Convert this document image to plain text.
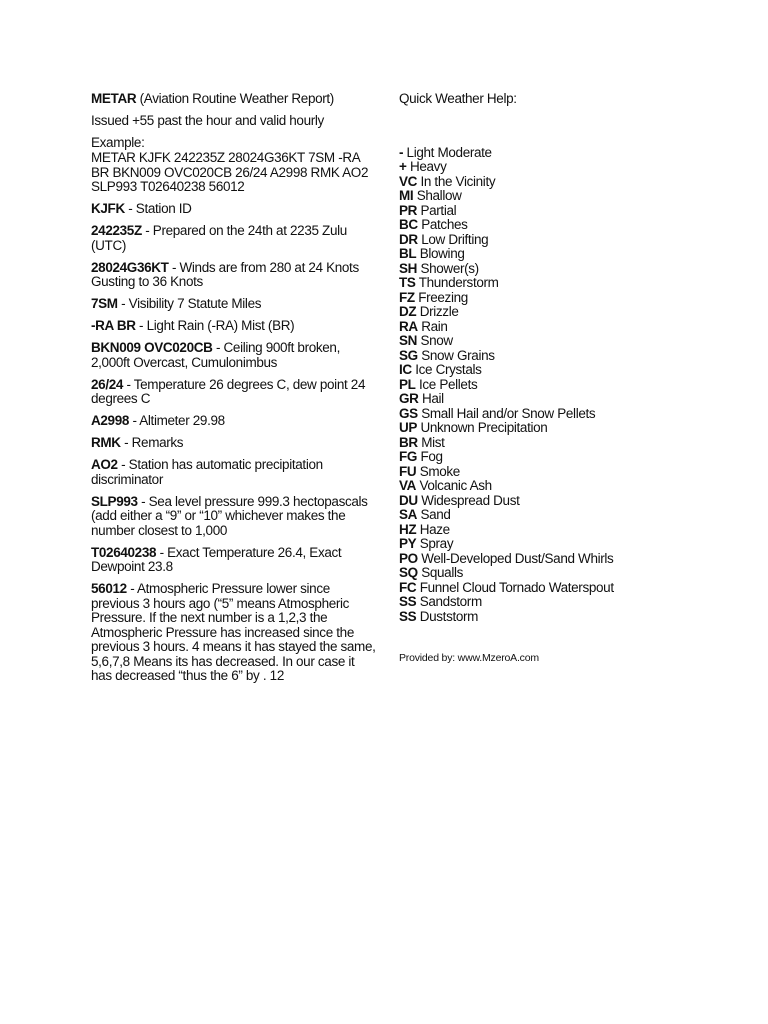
METAR (Aviation Routine Weather Report)
Issued +55 past the hour and valid hourly
Example:
METAR KJFK 242235Z 28024G36KT 7SM -RA BR BKN009 OVC020CB 26/24 A2998 RMK AO2 SLP993 T02640238 56012
KJFK - Station ID
242235Z - Prepared on the 24th at 2235 Zulu (UTC)
28024G36KT - Winds are from 280 at 24 Knots Gusting to 36 Knots
7SM - Visibility 7 Statute Miles
-RA BR - Light Rain (-RA) Mist (BR)
BKN009 OVC020CB - Ceiling 900ft broken, 2,000ft Overcast, Cumulonimbus
26/24 - Temperature 26 degrees C, dew point 24 degrees C
A2998 - Altimeter 29.98
RMK - Remarks
AO2 - Station has automatic precipitation discriminator
SLP993 - Sea level pressure 999.3 hectopascals (add either a “9” or “10” whichever makes the number closest to 1,000
T02640238 - Exact Temperature 26.4, Exact Dewpoint 23.8
56012 - Atmospheric Pressure lower since previous 3 hours ago (“5” means Atmospheric Pressure. If the next number is a 1,2,3 the Atmospheric Pressure has increased since the previous 3 hours. 4 means it has stayed the same, 5,6,7,8 Means its has decreased. In our case it has decreased “thus the 6” by . 12
Quick Weather Help:
- Light Moderate
+ Heavy
VC In the Vicinity
MI Shallow
PR Partial
BC Patches
DR Low Drifting
BL Blowing
SH Shower(s)
TS Thunderstorm
FZ Freezing
DZ Drizzle
RA Rain
SN Snow
SG Snow Grains
IC Ice Crystals
PL Ice Pellets
GR Hail
GS Small Hail and/or Snow Pellets
UP Unknown Precipitation
BR Mist
FG Fog
FU Smoke
VA Volcanic Ash
DU Widespread Dust
SA Sand
HZ Haze
PY Spray
PO Well-Developed Dust/Sand Whirls
SQ Squalls
FC Funnel Cloud Tornado Waterspout
SS Sandstorm
SS Duststorm
Provided by: www.MzeroA.com
